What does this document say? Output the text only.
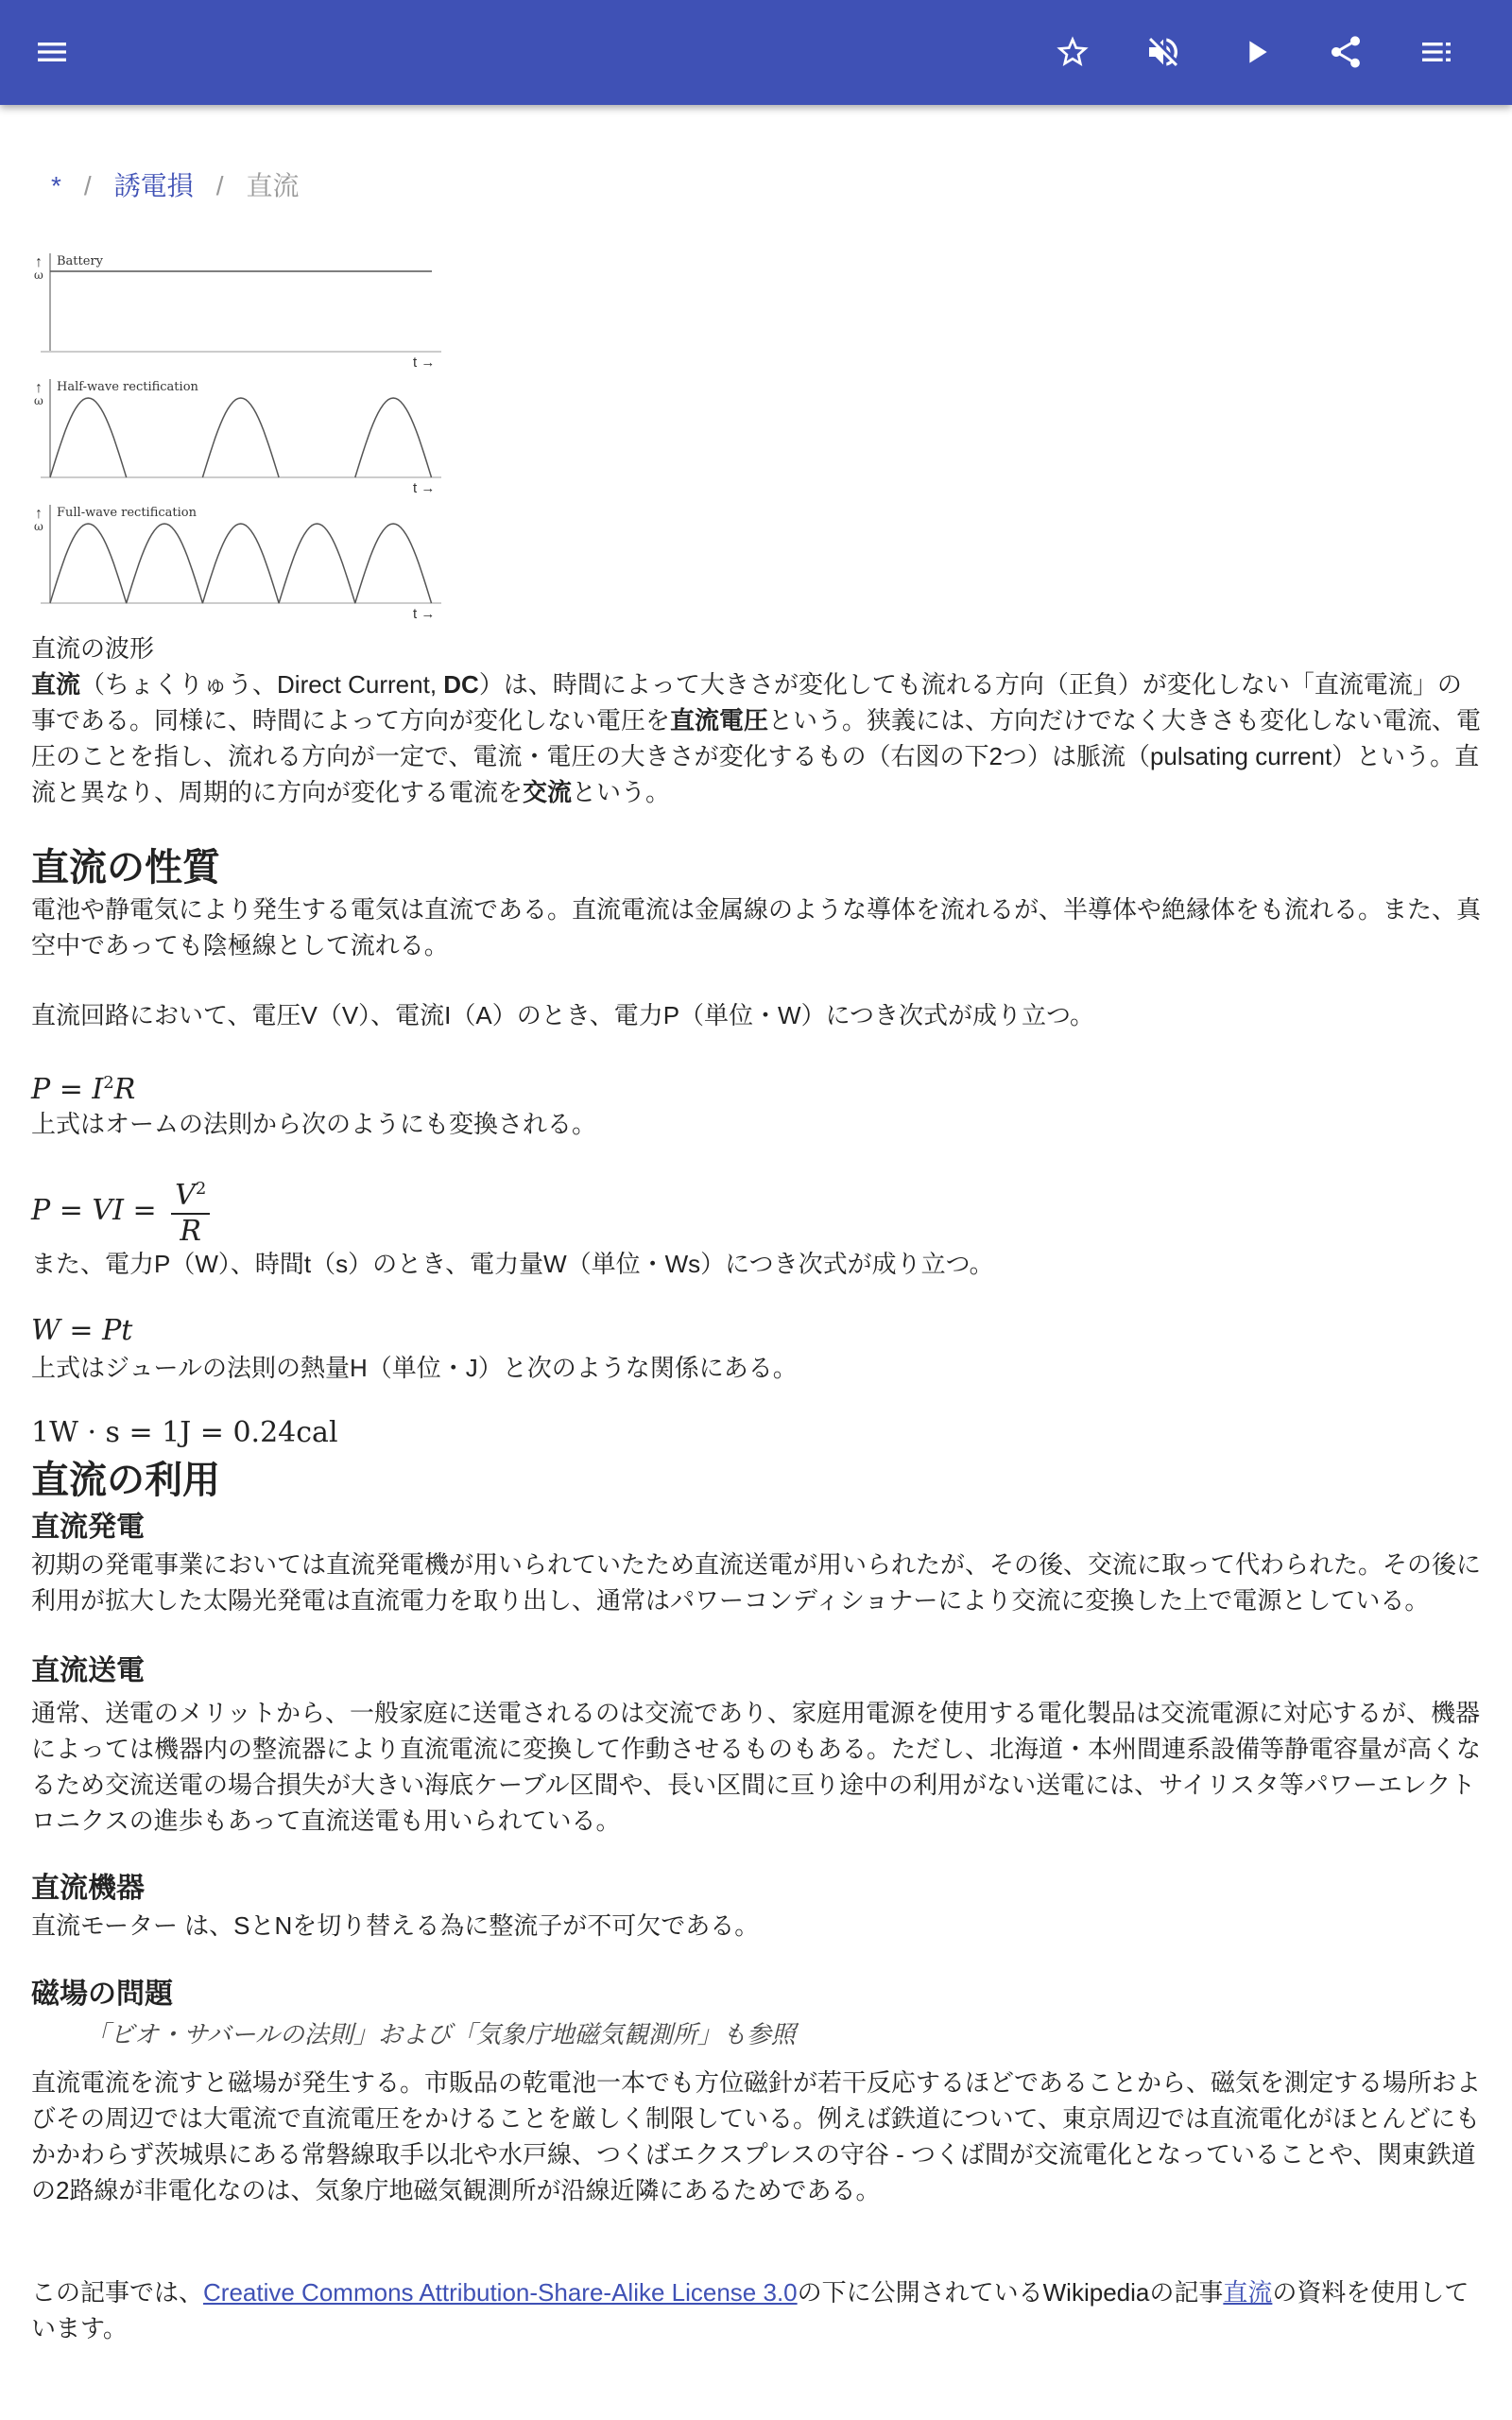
* / 誘電損 / 直流
Battery
↑
ω
t →
Half-wave rectification
↑
ω
t →
Full-wave rectification
↑
ω
t →
直流の波形

直流（ちょくりゅう、Direct Current, DC）は、時間によって大きさが変化しても流れる方向（正負）が変化しない「直流電流」の事である。同様に、時間によって方向が変化しない電圧を直流電圧という。狭義には、方向だけでなく大きさも変化しない電流、電圧のことを指し、流れる方向が一定で、電流・電圧の大きさが変化するもの（右図の下2つ）は脈流（pulsating current）という。直流と異なり、周期的に方向が変化する電流を交流という。

直流の性質

電池や静電気により発生する電気は直流である。直流電流は金属線のような導体を流れるが、半導体や絶縁体をも流れる。また、真空中であっても陰極線として流れる。

直流回路において、電圧V（V）、電流I（A）のとき、電力P（単位・W）につき次式が成り立つ。

$P = I^2R$

上式はオームの法則から次のようにも変換される。

P = VI = $\frac{V^2}{R}$

また、電力P（W）、時間t（s）のとき、電力量W（単位・Ws）につき次式が成り立つ。

W = Pt

上式はジュールの法則の熱量H（単位・J）と次のような関係にある。

1W · s = 1J = 0.24cal
直流の利用
直流発電

初期の発電事業においては直流発電機が用いられていたため直流送電が用いられたが、その後、交流に取って代わられた。その後に利用が拡大した太陽光発電は直流電力を取り出し、通常はパワーコンディショナーにより交流に変換した上で電源としている。

直流送電

通常、送電のメリットから、一般家庭に送電されるのは交流であり、家庭用電源を使用する電化製品は交流電源に対応するが、機器によっては機器内の整流器により直流電流に変換して作動させるものもある。ただし、北海道・本州間連系設備等静電容量が高くなるため交流送電の場合損失が大きい海底ケーブル区間や、長い区間に亘り途中の利用がない送電には、サイリスタ等パワーエレクトロニクスの進歩もあって直流送電も用いられている。

直流機器

直流モーター は、SとNを切り替える為に整流子が不可欠である。

磁場の問題
「ビオ・サバールの法則」および「気象庁地磁気観測所」も参照

直流電流を流すと磁場が発生する。市販品の乾電池一本でも方位磁針が若干反応するほどであることから、磁気を測定する場所およびその周辺では大電流で直流電圧をかけることを厳しく制限している。例えば鉄道について、東京周辺では直流電化がほとんどにもかかわらず茨城県にある常磐線取手以北や水戸線、つくばエクスプレスの守谷 - つくば間が交流電化となっていることや、関東鉄道の2路線が非電化なのは、気象庁地磁気観測所が沿線近隣にあるためである。

この記事では、Creative Commons Attribution-Share-Alike License 3.0の下に公開されているWikipediaの記事直流の資料を使用しています。
